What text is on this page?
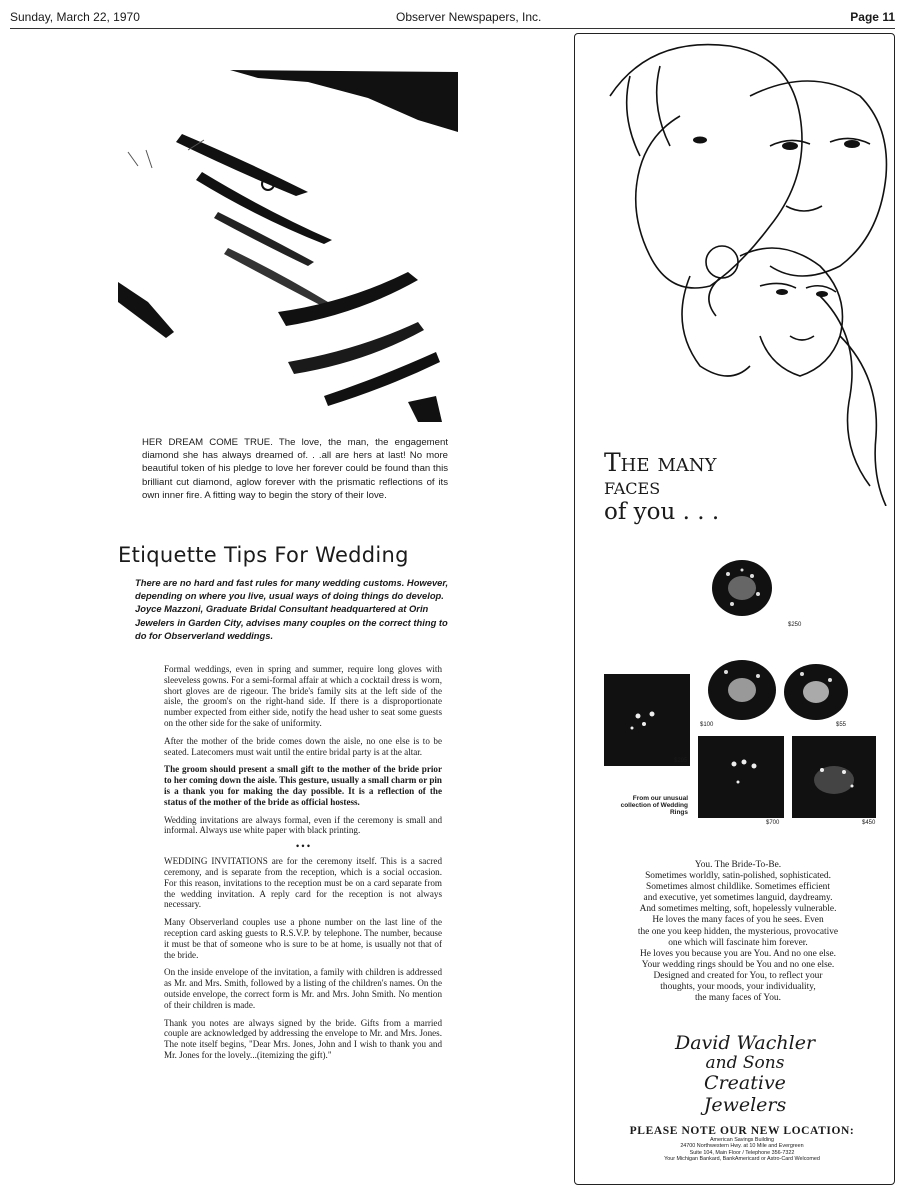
Sunday, March 22, 1970	Observer Newspapers, Inc.	Page 11
HER DREAM COME TRUE. The love, the man, the engagement diamond she has always dreamed of. . .all are hers at last! No more beautiful token of his pledge to love her forever could be found than this brilliant cut diamond, aglow forever with the prismatic reflections of its own inner fire. A fitting way to begin the story of their love.
Etiquette Tips For Wedding
There are no hard and fast rules for many wedding customs. However, depending on where you live, usual ways of doing things do develop. Joyce Mazzoni, Graduate Bridal Consultant headquartered at Orin Jewelers in Garden City, advises many couples on the correct thing to do for Observerland weddings.

Formal weddings, even in spring and summer, require long gloves with sleeveless gowns. For a semi-formal affair at which a cocktail dress is worn, short gloves are de rigeour. The bride's family sits at the left side of the aisle, the groom's on the right-hand side. If there is a disproportionate number expected from either side, notify the head usher to seat some guests on the other side for the sake of uniformity.

After the mother of the bride comes down the aisle, no one else is to be seated. Latecomers must wait until the entire bridal party is at the altar.

The groom should present a small gift to the mother of the bride prior to her coming down the aisle. This gesture, usually a small charm or pin is a thank you for making the day possible. It is a reflection of the status of the mother of the bride as official hostess.

Wedding invitations are always formal, even if the ceremony is small and informal. Always use white paper with black printing.

• • •

WEDDING INVITATIONS are for the ceremony itself. This is a sacred ceremony, and is separate from the reception, which is a social occasion. For this reason, invitations to the reception must be on a card separate from the wedding invitation. A reply card for the reception is not always necessary.

Many Observerland couples use a phone number on the last line of the reception card asking guests to R.S.V.P. by telephone. The number, because it must be that of someone who is sure to be at home, is usually not that of the bride.

On the inside envelope of the invitation, a family with children is addressed as Mr. and Mrs. Smith, followed by a listing of the children's names. On the outside envelope, the correct form is Mr. and Mrs. John Smith. No mention of their children is made.

Thank you notes are always signed by the bride. Gifts from a married couple are acknowledged by addressing the envelope to Mr. and Mrs. Jones. The note itself begins, "Dear Mrs. Jones, John and I wish to thank you and Mr. Jones for the lovely...(itemizing the gift)."

The many
faces
of you . . .
$250
$100	$55
$295
From our unusual collection of Wedding Rings
$700	$450
You. The Bride-To-Be.
Sometimes worldly, satin-polished, sophisticated.
Sometimes almost childlike. Sometimes efficient
and executive, yet sometimes languid, daydreamy.
And sometimes melting, soft, hopelessly vulnerable.
He loves the many faces of you he sees. Even
the one you keep hidden, the mysterious, provocative
one which will fascinate him forever.
He loves you because you are You. And no one else.
Your wedding rings should be You and no one else.
Designed and created for You, to reflect your
thoughts, your moods, your individuality,
the many faces of You.
David Wachler
and Sons
Creative Jewelers
PLEASE NOTE OUR NEW LOCATION:
American Savings Building
24700 Northwestern Hwy. at 10 Mile and Evergreen
Suite 104, Main Floor / Telephone 356-7322
Your Michigan Bankard, BankAmericard or Astro-Card Welcomed
